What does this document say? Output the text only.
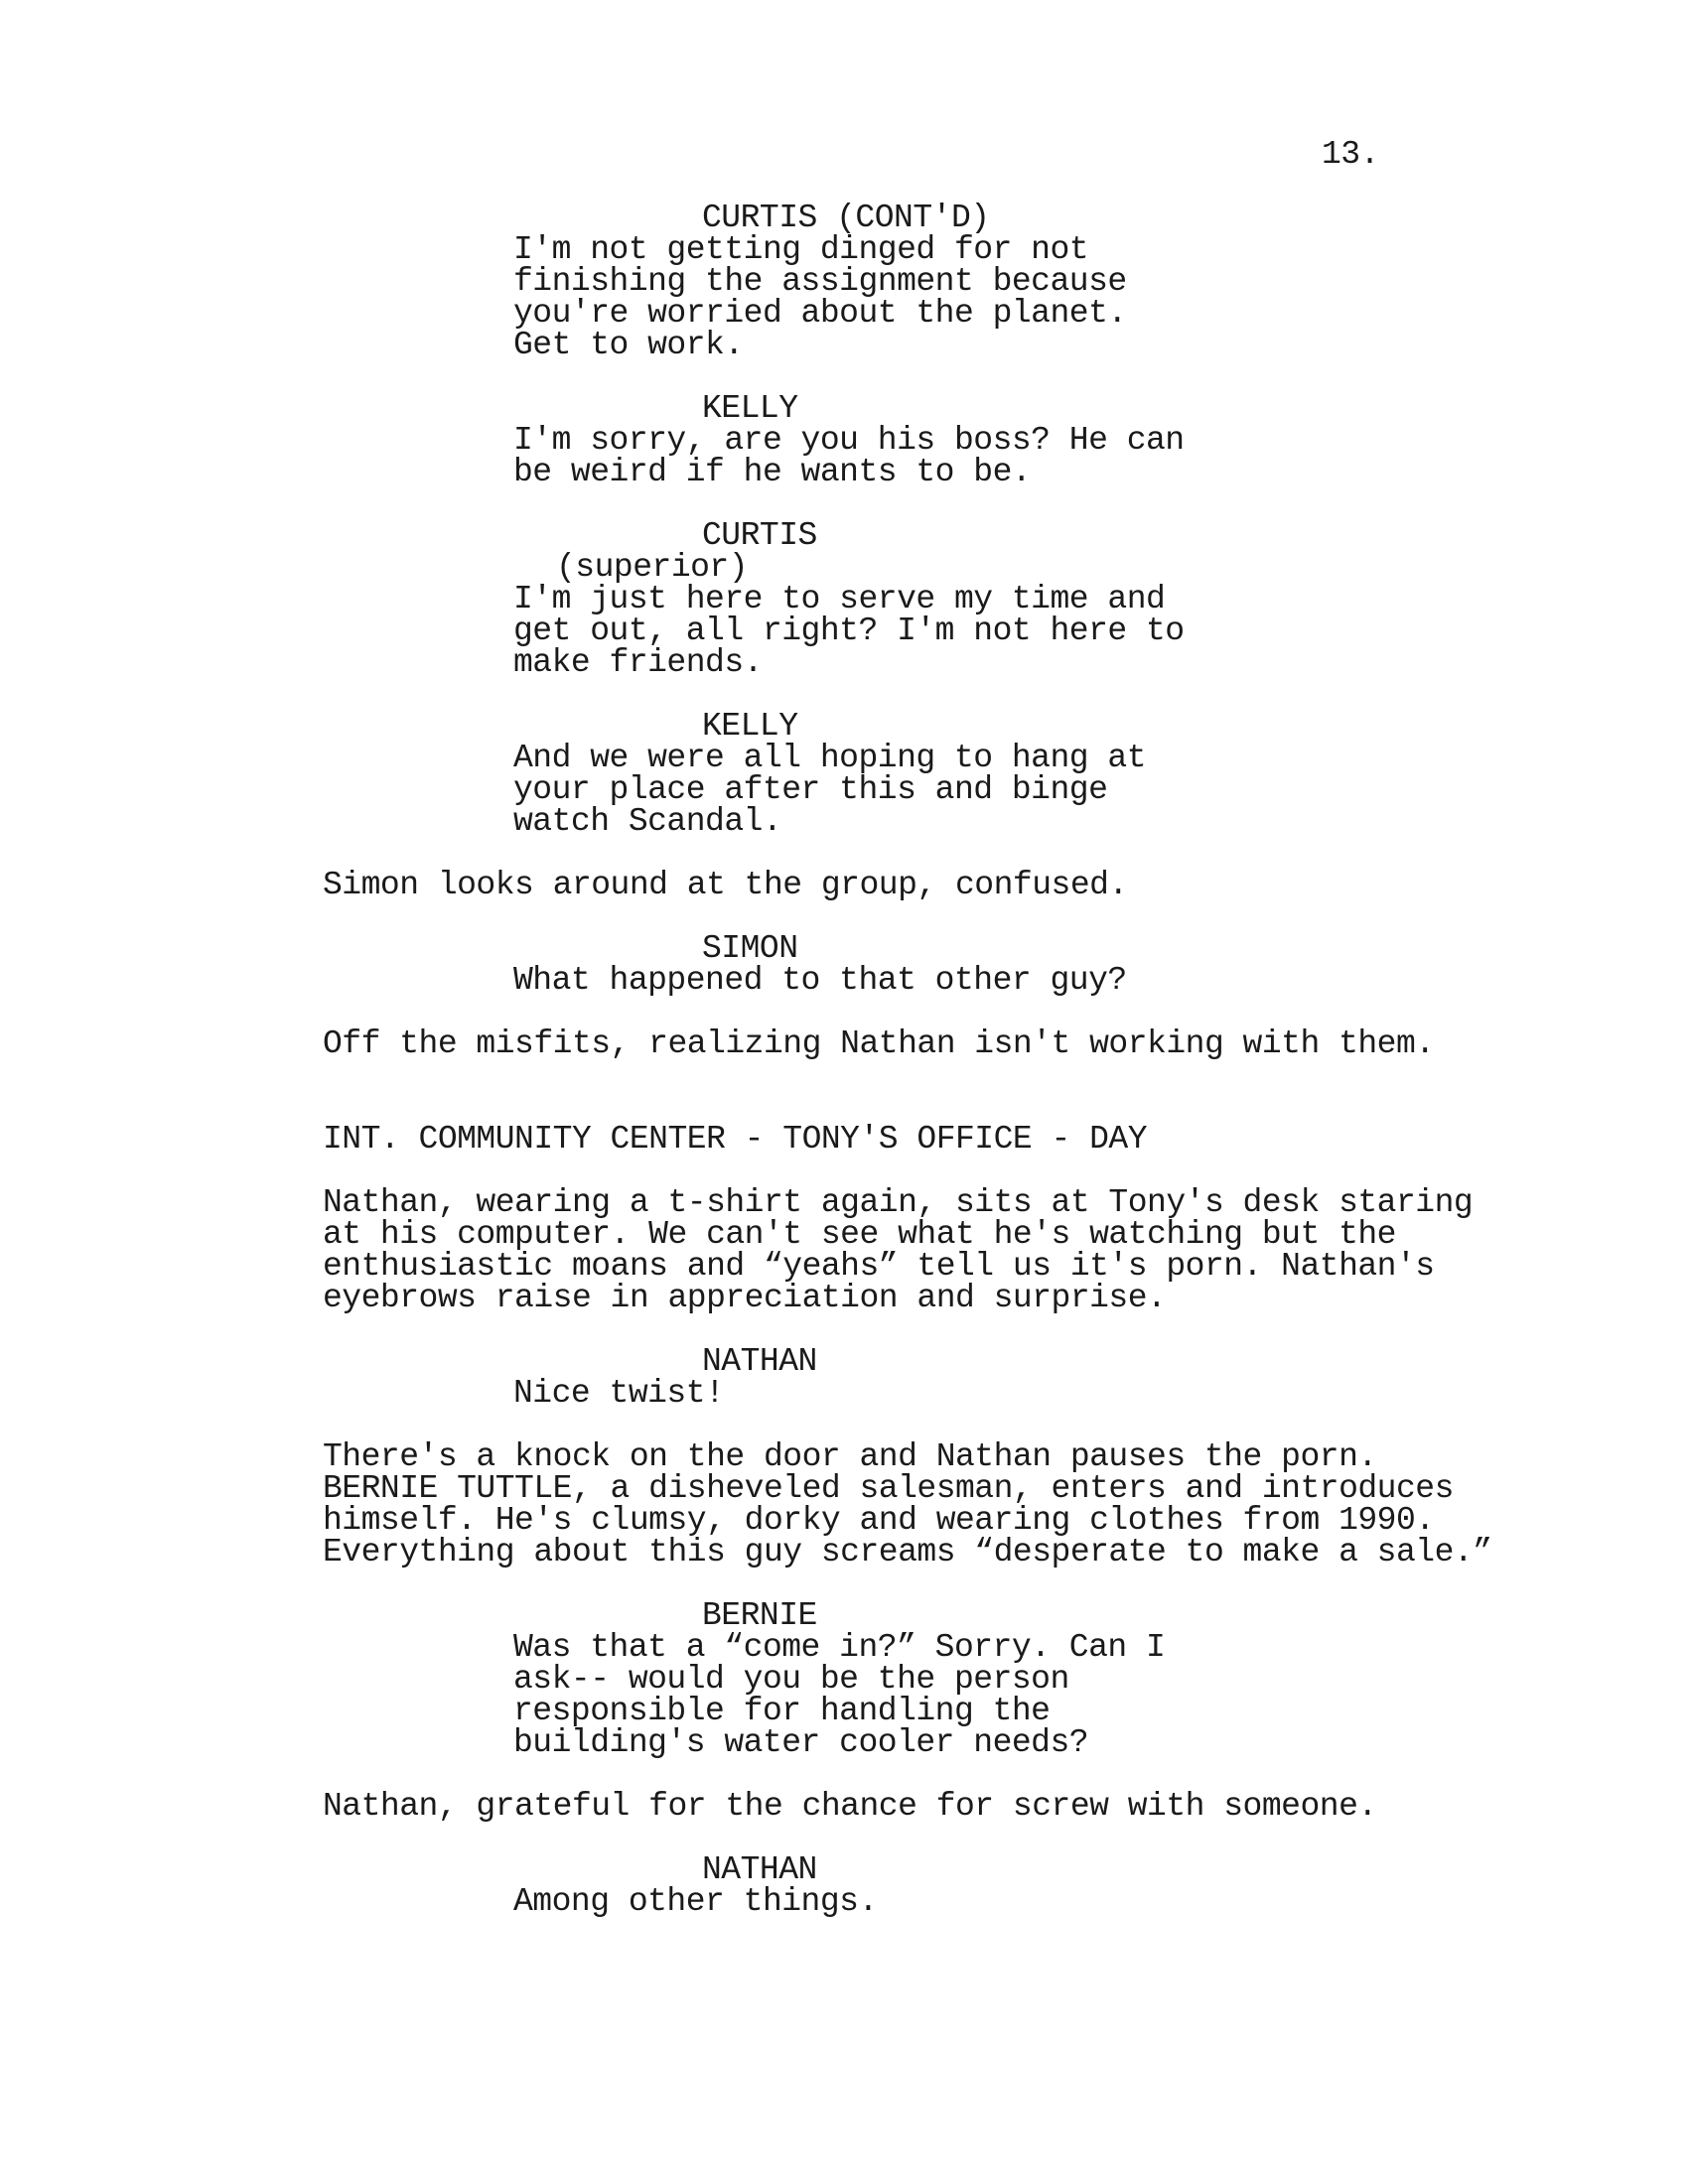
13.
CURTIS (CONT'D)
I'm not getting dinged for not
finishing the assignment because
you're worried about the planet.
Get to work.
KELLY
I'm sorry, are you his boss? He can
be weird if he wants to be.
CURTIS
(superior)
I'm just here to serve my time and
get out, all right? I'm not here to
make friends.
KELLY
And we were all hoping to hang at
your place after this and binge
watch Scandal.
Simon looks around at the group, confused.
SIMON
What happened to that other guy?
Off the misfits, realizing Nathan isn't working with them.
INT. COMMUNITY CENTER - TONY'S OFFICE - DAY
Nathan, wearing a t-shirt again, sits at Tony's desk staring
at his computer. We can't see what he's watching but the
enthusiastic moans and “yeahs” tell us it's porn. Nathan's
eyebrows raise in appreciation and surprise.
NATHAN
Nice twist!
There's a knock on the door and Nathan pauses the porn.
BERNIE TUTTLE, a disheveled salesman, enters and introduces
himself. He's clumsy, dorky and wearing clothes from 1990.
Everything about this guy screams “desperate to make a sale.”
BERNIE
Was that a “come in?” Sorry. Can I
ask-- would you be the person
responsible for handling the
building's water cooler needs?
Nathan, grateful for the chance for screw with someone.
NATHAN
Among other things.
